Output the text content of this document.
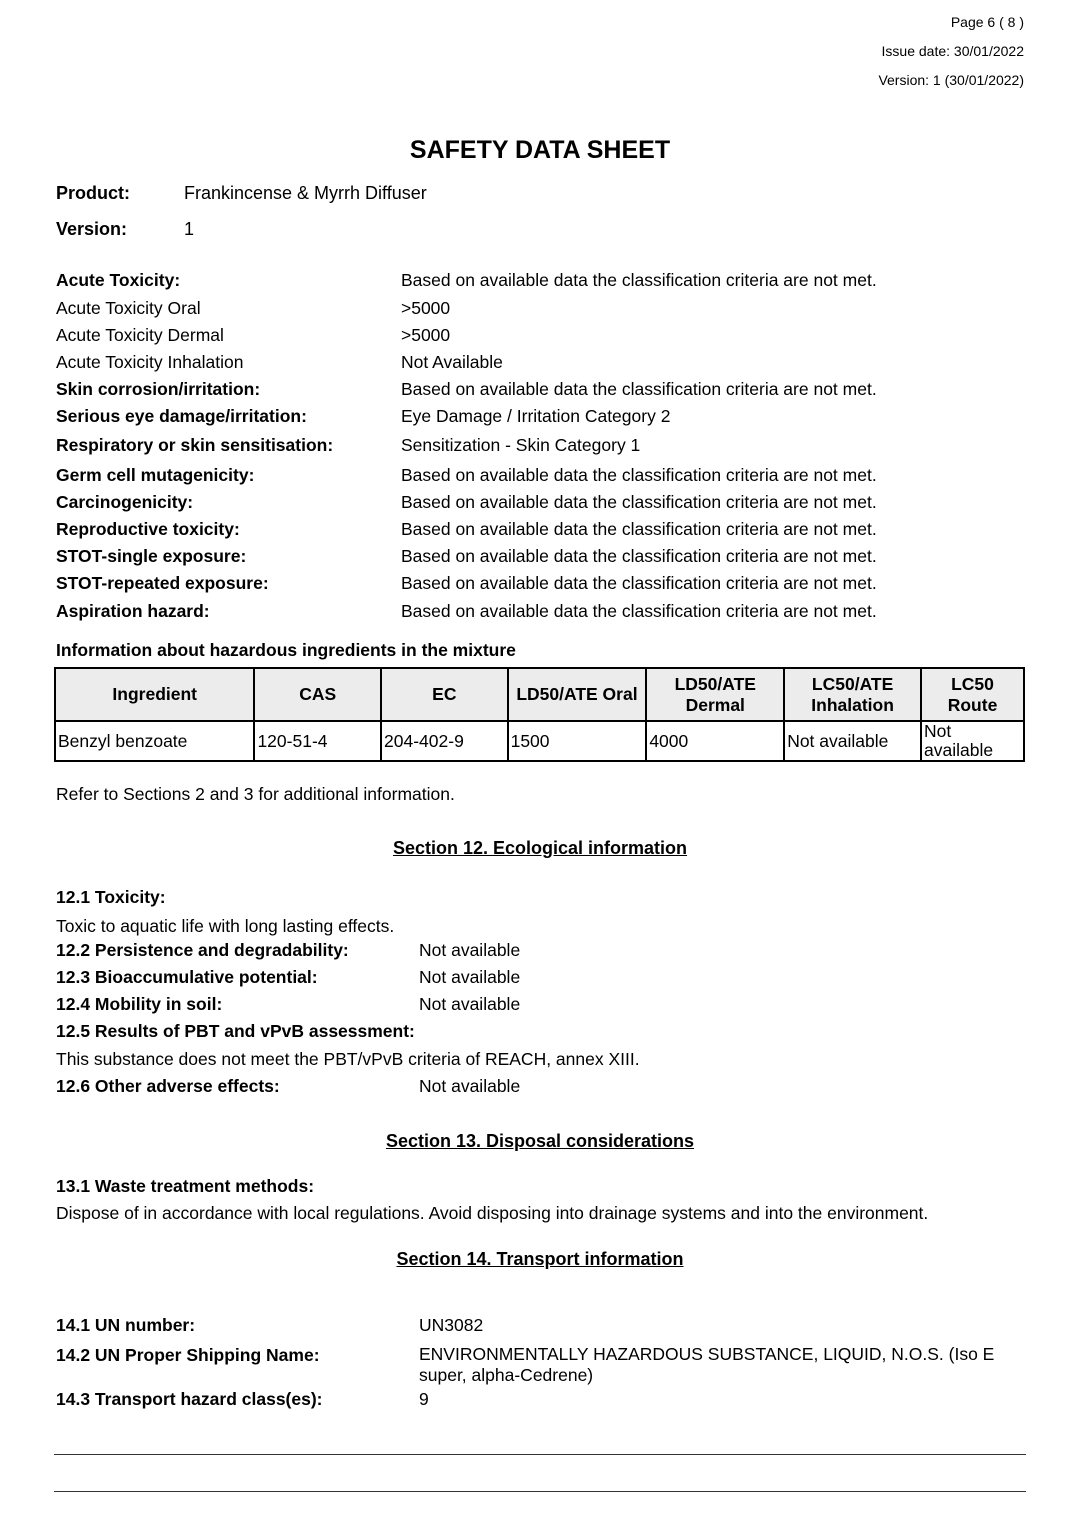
Page 6 ( 8 )
Issue date: 30/01/2022
Version: 1 (30/01/2022)
SAFETY DATA SHEET
Product:	Frankincense & Myrrh Diffuser
Version:	1
Acute Toxicity:	Based on available data the classification criteria are not met.
Acute Toxicity Oral	>5000
Acute Toxicity Dermal	>5000
Acute Toxicity Inhalation	Not Available
Skin corrosion/irritation:	Based on available data the classification criteria are not met.
Serious eye damage/irritation:	Eye Damage / Irritation Category 2
Respiratory or skin sensitisation:	Sensitization - Skin Category 1
Germ cell mutagenicity:	Based on available data the classification criteria are not met.
Carcinogenicity:	Based on available data the classification criteria are not met.
Reproductive toxicity:	Based on available data the classification criteria are not met.
STOT-single exposure:	Based on available data the classification criteria are not met.
STOT-repeated exposure:	Based on available data the classification criteria are not met.
Aspiration hazard:	Based on available data the classification criteria are not met.
Information about hazardous ingredients in the mixture
Ingredient	CAS	EC	LD50/ATE Oral	LD50/ATE Dermal	LC50/ATE Inhalation	LC50 Route
Benzyl benzoate	120-51-4	204-402-9	1500	4000	Not available	Not available
Refer to Sections 2 and 3 for additional information.
Section 12. Ecological information
12.1 Toxicity:
Toxic to aquatic life with long lasting effects.
12.2 Persistence and degradability:	Not available
12.3 Bioaccumulative potential:	Not available
12.4 Mobility in soil:	Not available
12.5 Results of PBT and vPvB assessment:
This substance does not meet the PBT/vPvB criteria of REACH, annex XIII.
12.6 Other adverse effects:	Not available
Section 13. Disposal considerations
13.1 Waste treatment methods:
Dispose of in accordance with local regulations. Avoid disposing into drainage systems and into the environment.
Section 14. Transport information
14.1 UN number:	UN3082
14.2 UN Proper Shipping Name:	ENVIRONMENTALLY HAZARDOUS SUBSTANCE, LIQUID, N.O.S. (Iso E super, alpha-Cedrene)
14.3 Transport hazard class(es):	9
